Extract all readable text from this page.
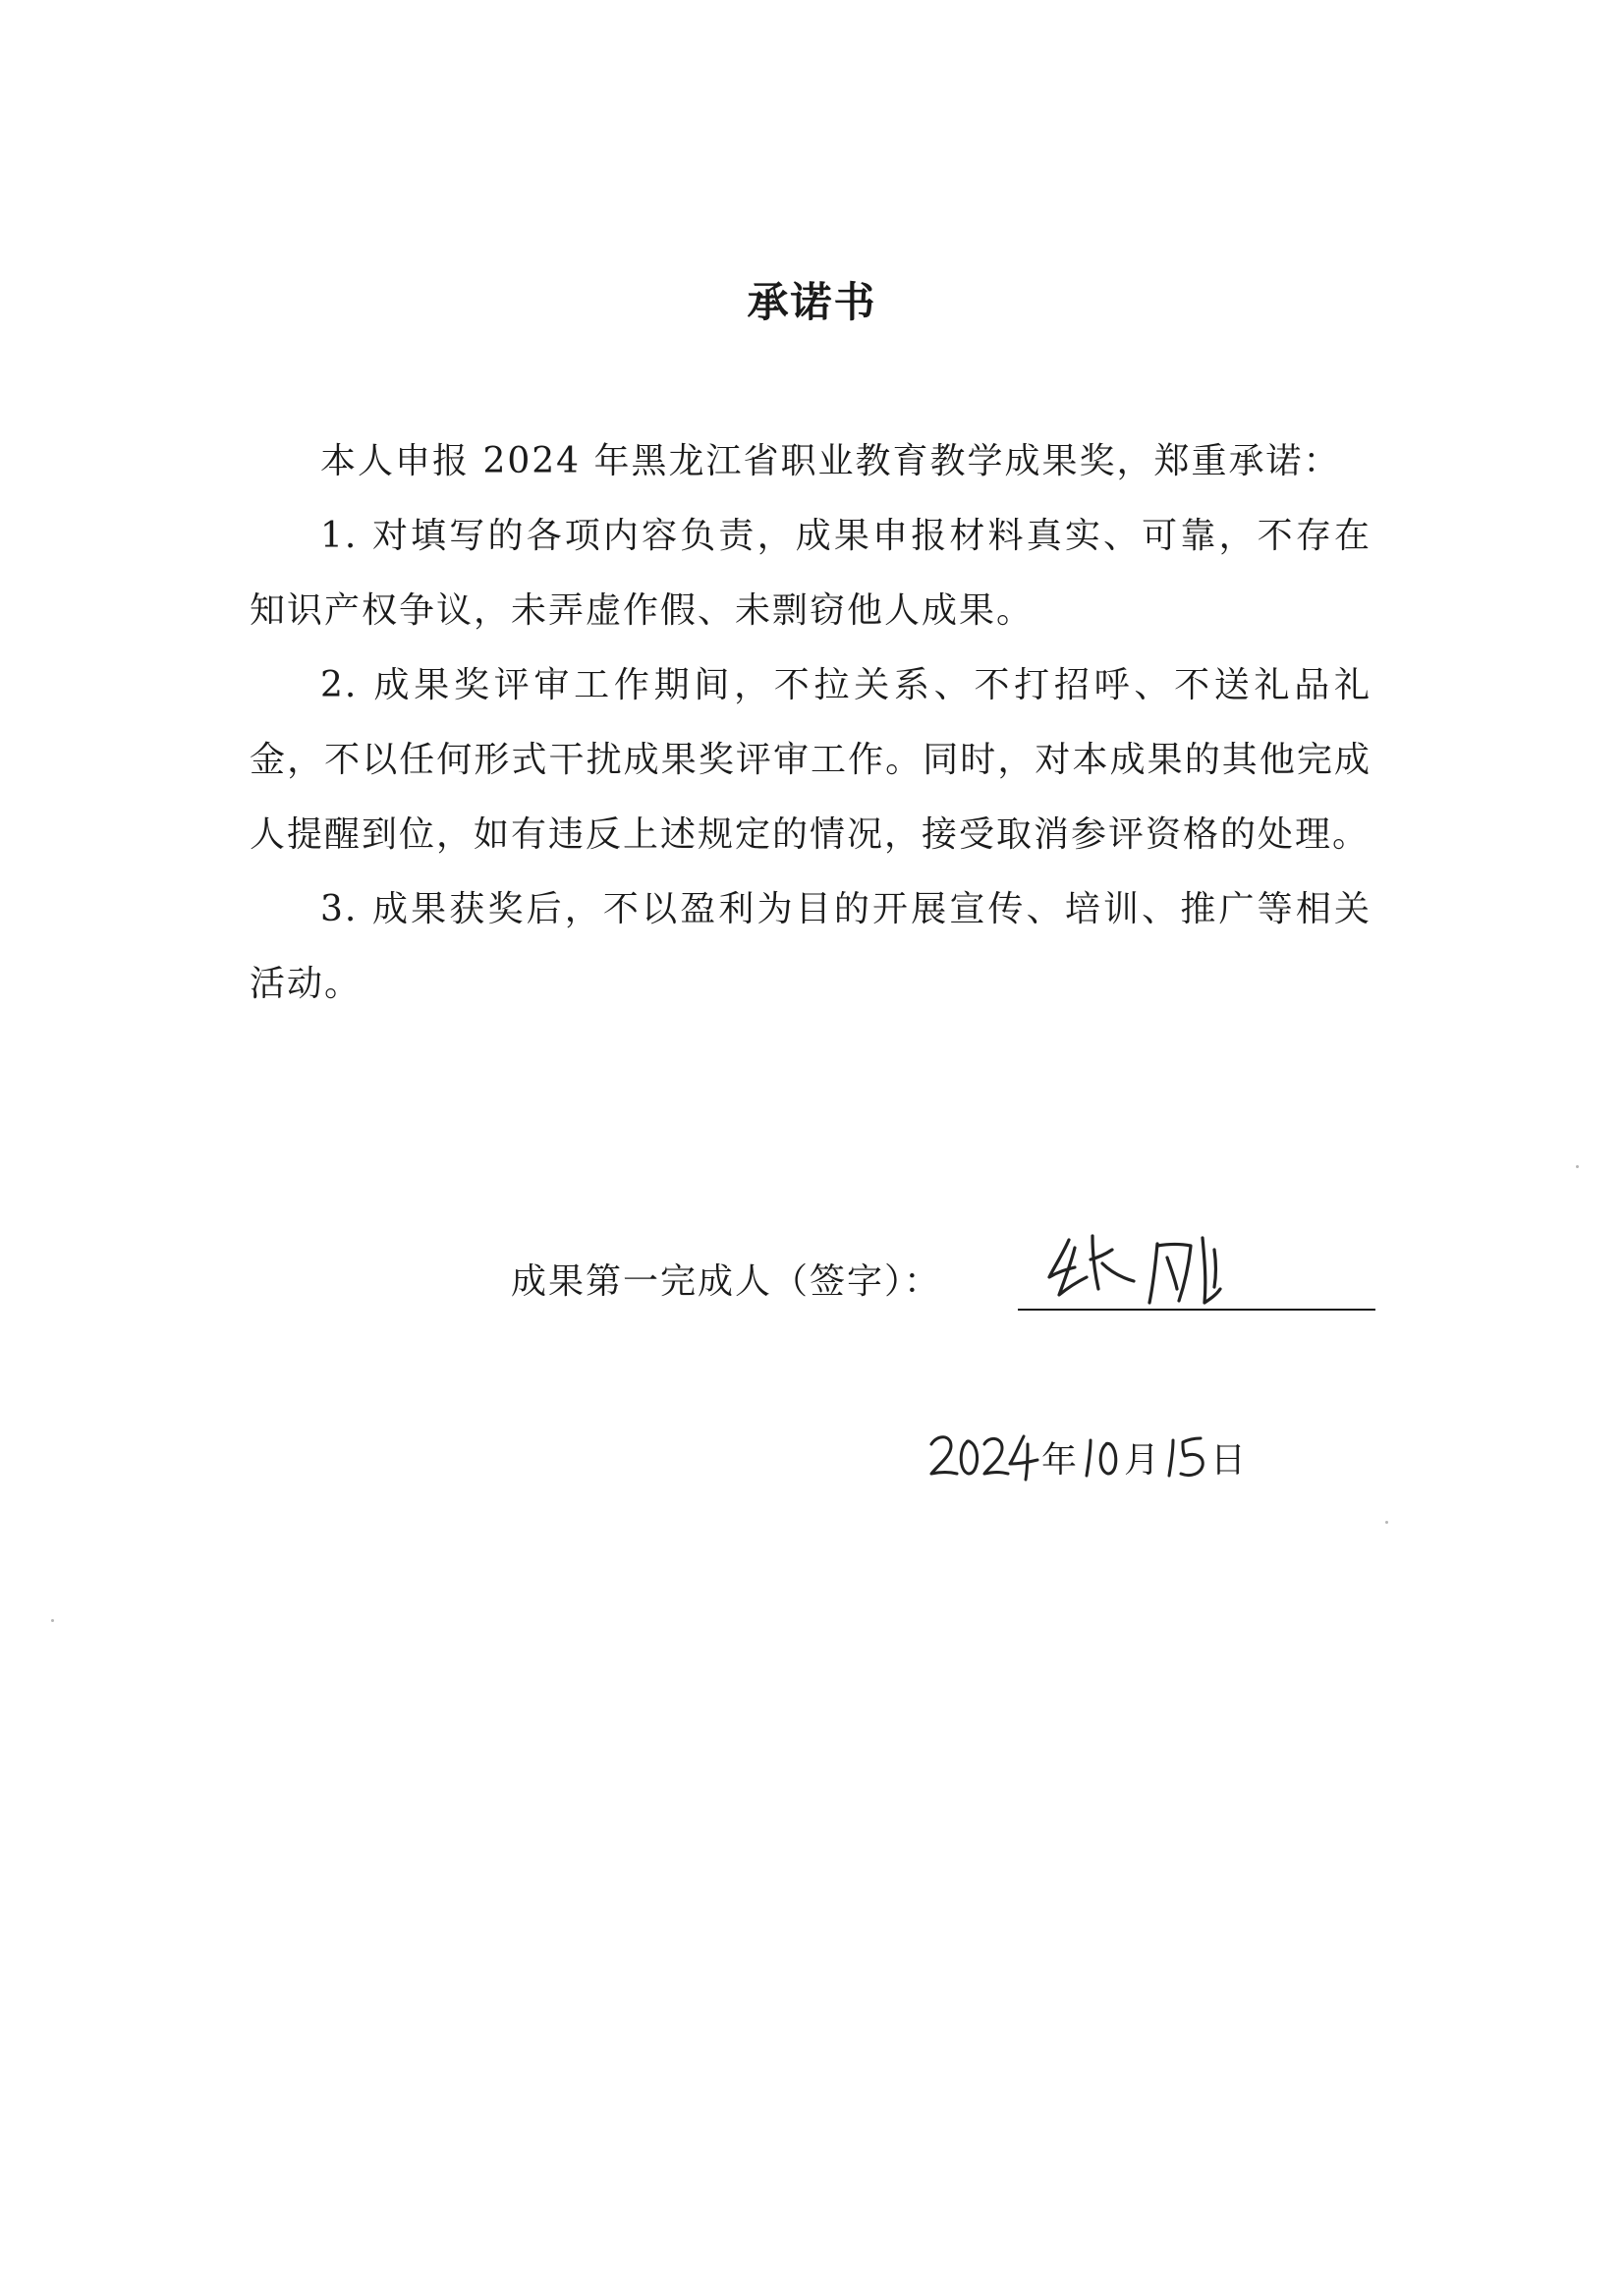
承诺书

本人申报 2024 年黑龙江省职业教育教学成果奖，郑重承诺：

1. 对填写的各项内容负责，成果申报材料真实、可靠，不存在知识产权争议，未弄虚作假、未剽窃他人成果。

2. 成果奖评审工作期间，不拉关系、不打招呼、不送礼品礼金，不以任何形式干扰成果奖评审工作。同时，对本成果的其他完成人提醒到位，如有违反上述规定的情况，接受取消参评资格的处理。

3. 成果获奖后，不以盈利为目的开展宣传、培训、推广等相关活动。

成果第一完成人（签字）：
年 月 日
